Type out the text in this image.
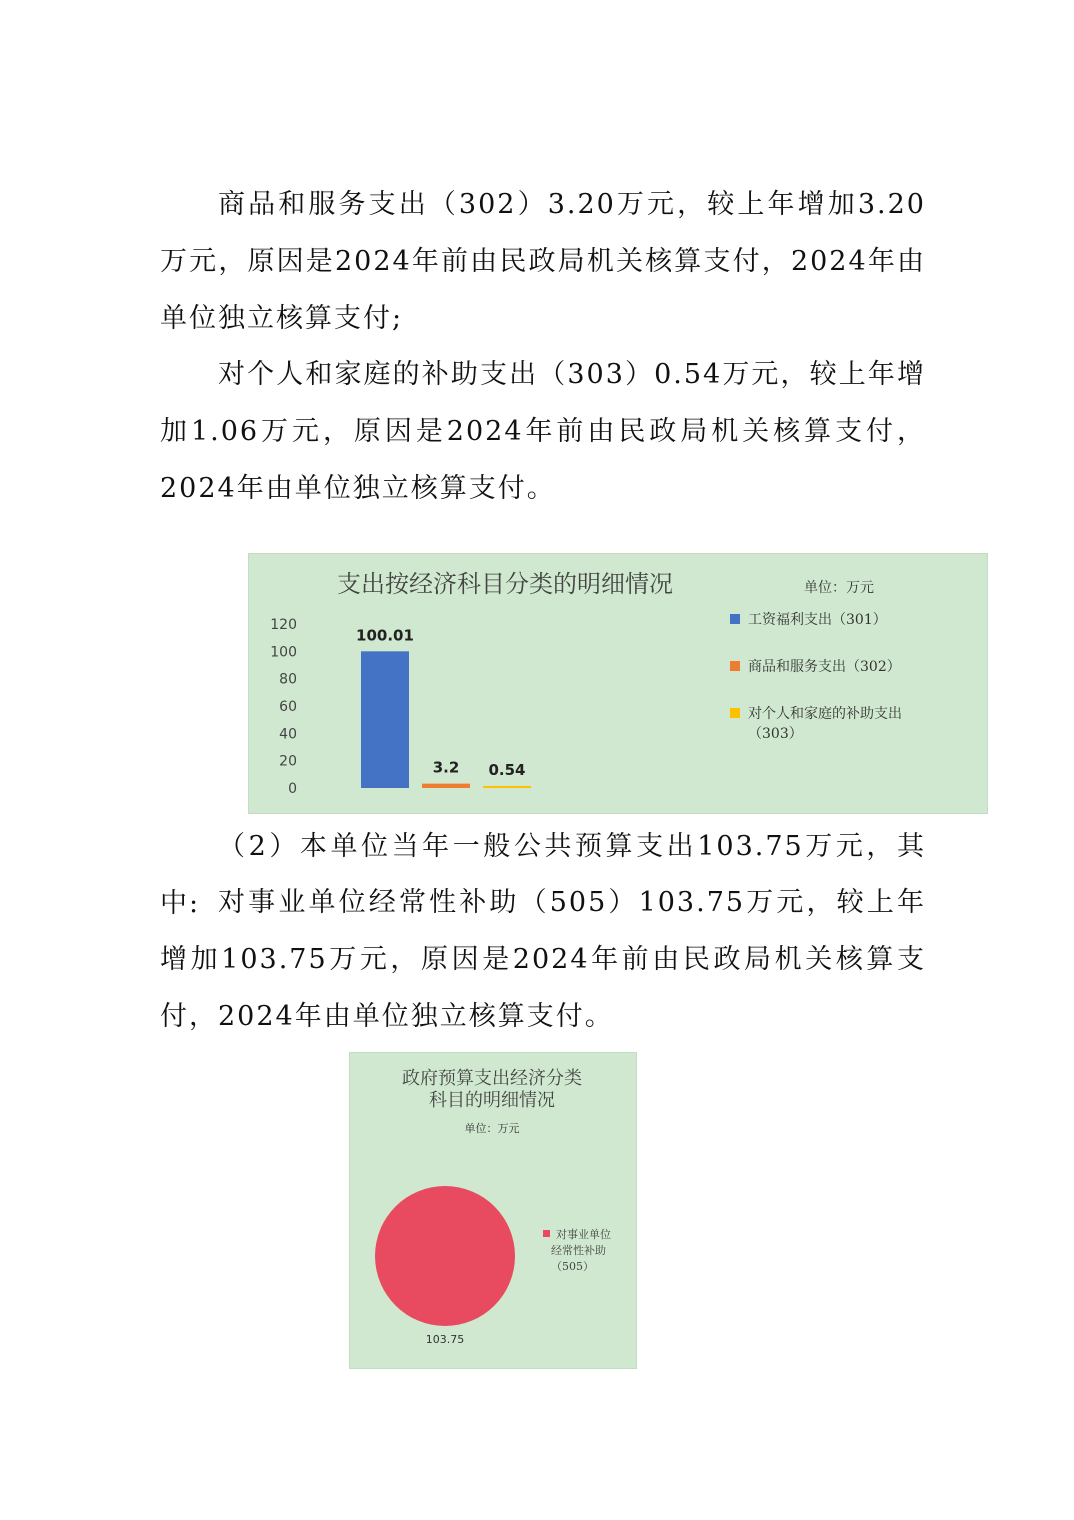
商品和服务支出（302）3.20万元，较上年增加3.20万元，原因是2024年前由民政局机关核算支付，2024年由单位独立核算支付;

对个人和家庭的补助支出（303）0.54万元，较上年增加1.06万元，原因是2024年前由民政局机关核算支付，2024年由单位独立核算支付。

支出按经济科目分类的明细情况	单位：万元
0
20
40
60
80
100
120
100.01
3.2 0.54
工资福利支出（301）
商品和服务支出（302）
对个人和家庭的补助支出
（303）

（2）本单位当年一般公共预算支出103.75万元，其中: 对事业单位经常性补助（505）103.75万元，较上年增加103.75万元，原因是2024年前由民政局机关核算支付，2024年由单位独立核算支付。

政府预算支出经济分类
科目的明细情况
单位：万元
对事业单位
经常性补助
（505）
103.75
